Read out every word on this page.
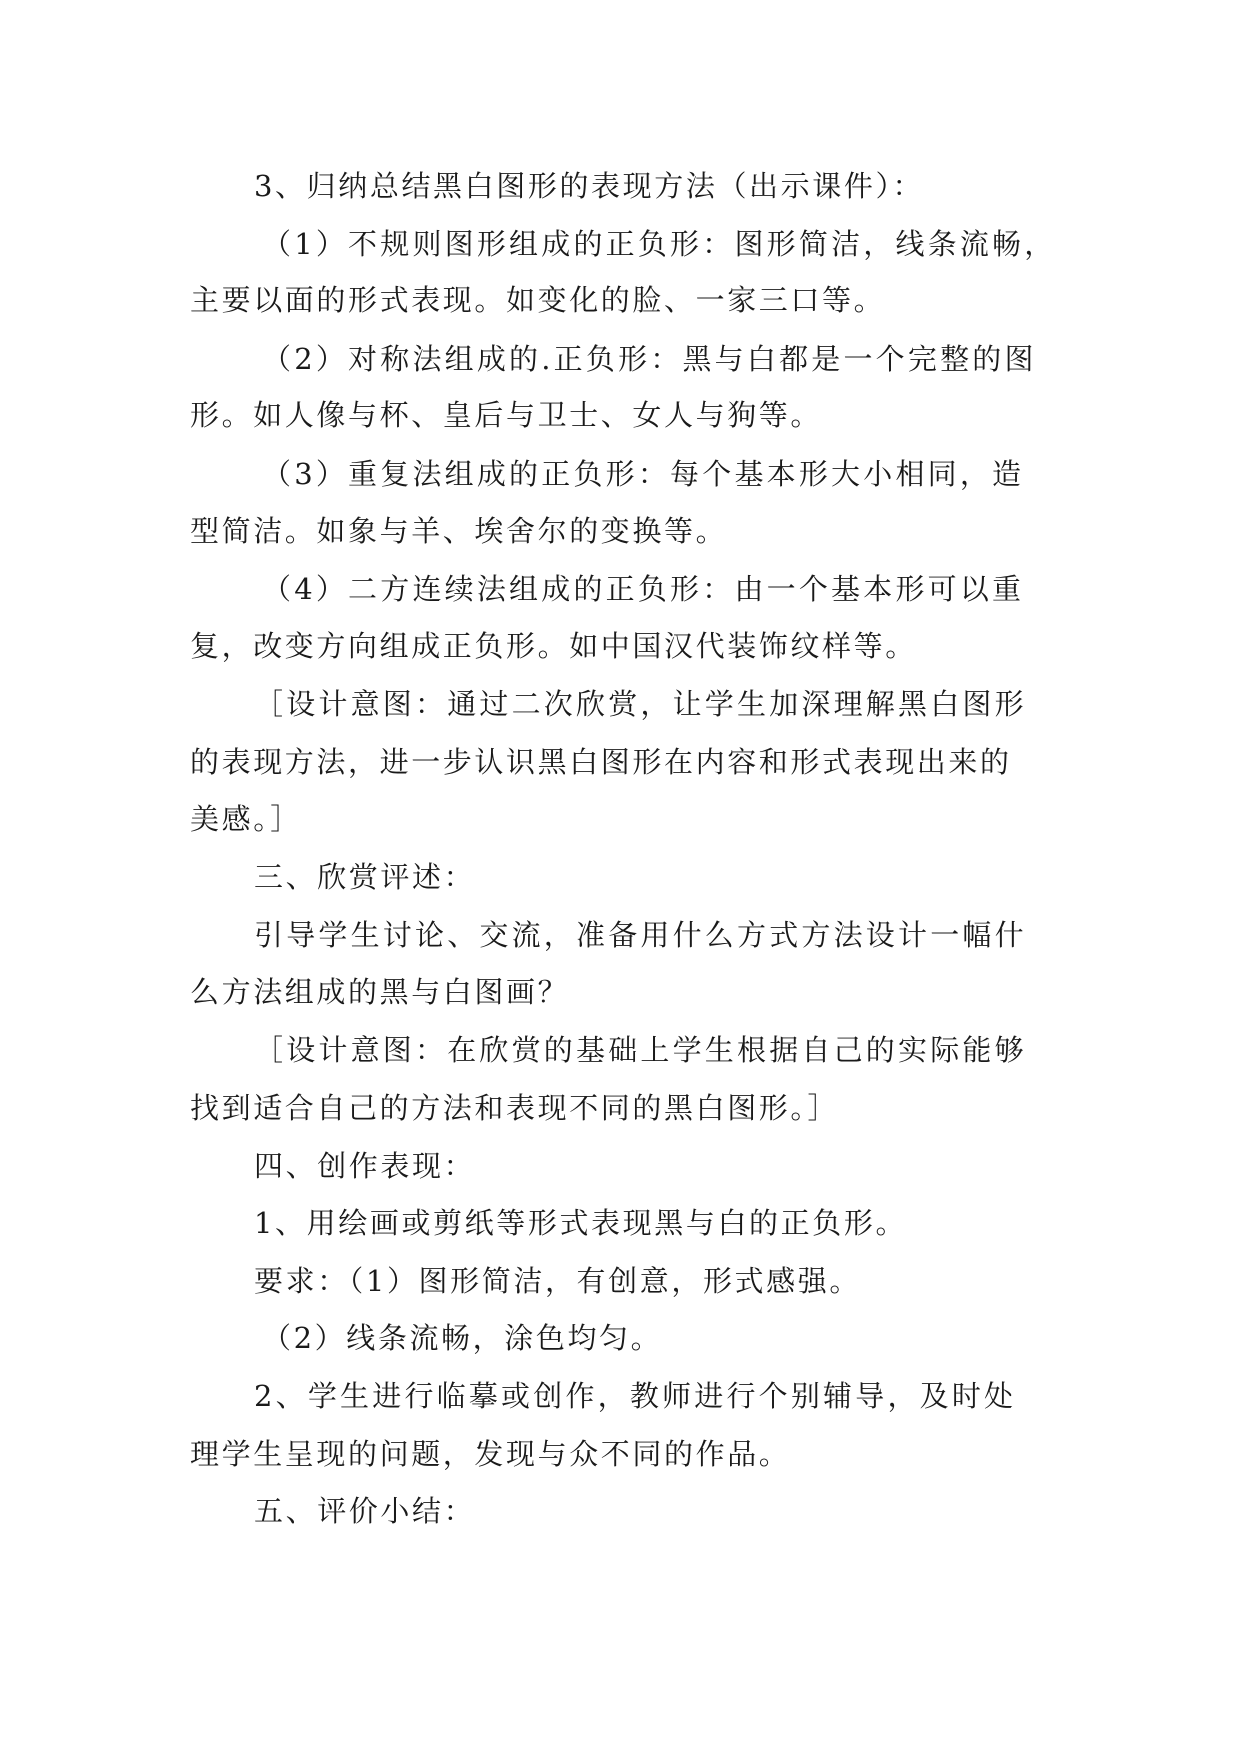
3、归纳总结黑白图形的表现方法（出示课件）：
（1）不规则图形组成的正负形：图形简洁，线条流畅，
主要以面的形式表现。如变化的脸、一家三口等。
（2）对称法组成的.正负形：黑与白都是一个完整的图
形。如人像与杯、皇后与卫士、女人与狗等。
（3）重复法组成的正负形：每个基本形大小相同，造
型简洁。如象与羊、埃舍尔的变换等。
（4）二方连续法组成的正负形：由一个基本形可以重
复，改变方向组成正负形。如中国汉代装饰纹样等。
［设计意图：通过二次欣赏，让学生加深理解黑白图形
的表现方法，进一步认识黑白图形在内容和形式表现出来的
美感。］
三、欣赏评述：
引导学生讨论、交流，准备用什么方式方法设计一幅什
么方法组成的黑与白图画？
［设计意图：在欣赏的基础上学生根据自己的实际能够
找到适合自己的方法和表现不同的黑白图形。］
四、创作表现：
1、用绘画或剪纸等形式表现黑与白的正负形。
要求：（1）图形简洁，有创意，形式感强。
（2）线条流畅，涂色均匀。
2、学生进行临摹或创作，教师进行个别辅导，及时处
理学生呈现的问题，发现与众不同的作品。
五、评价小结：
